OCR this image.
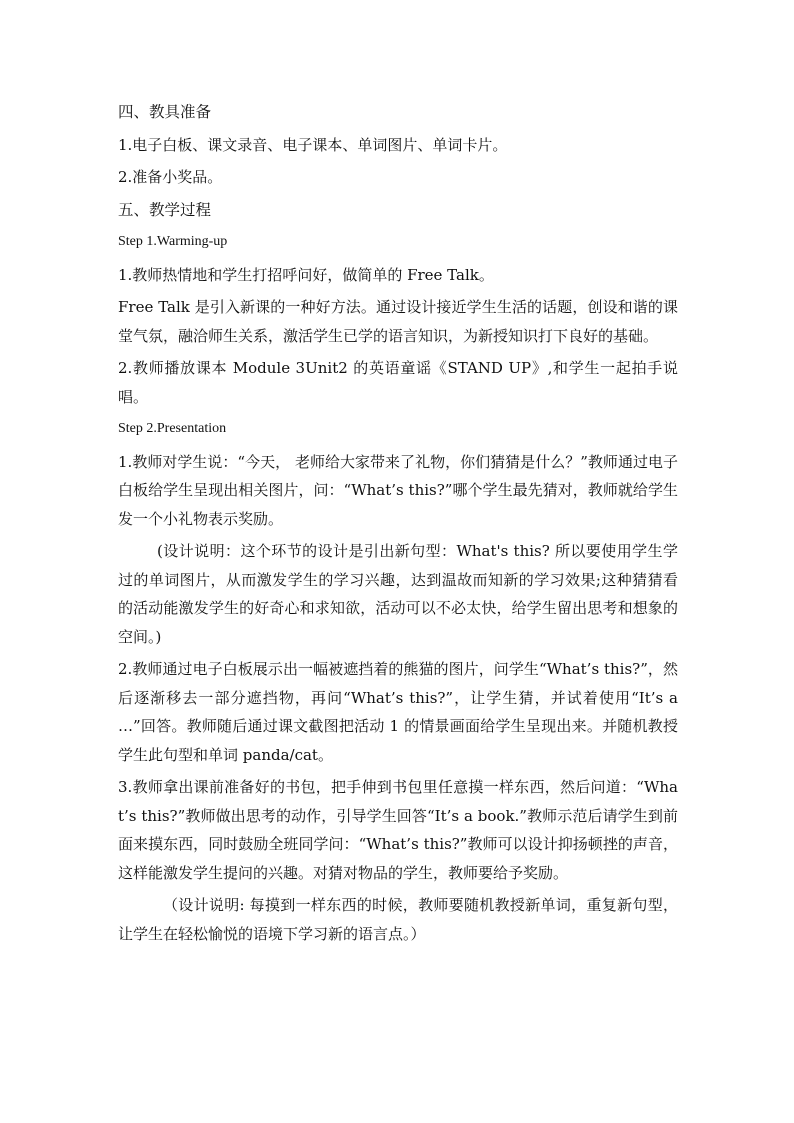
四、教具准备

1.电子白板、课文录音、电子课本、单词图片、单词卡片。

2.准备小奖品。

五、教学过程

Step 1.Warming-up

1.教师热情地和学生打招呼问好，做简单的 Free Talk。

Free Talk 是引入新课的一种好方法。通过设计接近学生生活的话题，创设和谐的课堂气氛，融洽师生关系，激活学生已学的语言知识，为新授知识打下良好的基础。

2.教师播放课本 Module 3Unit2 的英语童谣《STAND UP》,和学生一起拍手说唱。

Step 2.Presentation

1.教师对学生说：“今天， 老师给大家带来了礼物，你们猜猜是什么？”教师通过电子白板给学生呈现出相关图片，问：“What’s this?”哪个学生最先猜对，教师就给学生发一个小礼物表示奖励。

(设计说明：这个环节的设计是引出新句型：What's this? 所以要使用学生学过的单词图片，从而激发学生的学习兴趣，达到温故而知新的学习效果;这种猜猜看的活动能激发学生的好奇心和求知欲，活动可以不必太快，给学生留出思考和想象的空间。)

2.教师通过电子白板展示出一幅被遮挡着的熊猫的图片，问学生“What’s this?”，然后逐渐移去一部分遮挡物，再问“What’s this?”，让学生猜，并试着使用“It’s a …”回答。教师随后通过课文截图把活动 1 的情景画面给学生呈现出来。并随机教授学生此句型和单词 panda/cat。

3.教师拿出课前准备好的书包，把手伸到书包里任意摸一样东西，然后问道：“What’s this?”教师做出思考的动作，引导学生回答“It’s a book.”教师示范后请学生到前面来摸东西，同时鼓励全班同学问：“What’s this?”教师可以设计抑扬顿挫的声音，这样能激发学生提问的兴趣。对猜对物品的学生，教师要给予奖励。

（设计说明: 每摸到一样东西的时候，教师要随机教授新单词，重复新句型，让学生在轻松愉悦的语境下学习新的语言点。）
